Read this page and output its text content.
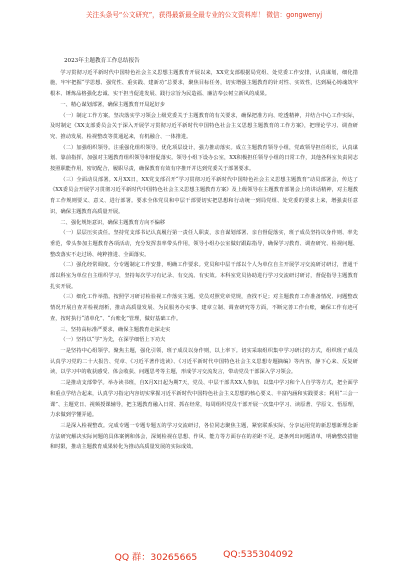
关注头条号“公文研究”，获得最新最全最专业的公文资料库！ 微信：gongwenyj
2023年主题教育工作总结报告

学习贯彻习近平新时代中国特色社会主义思想主题教育开展以来，XX党支部根据局党组、处党委工作安排，认真谋划，细化措施，牢牢把握“学思想、强党性、重实践、建新功”总要求，聚焦目标任务，切实增强主题教育的针对性、实效性，达到凝心铸魂筑牢根本、锤炼品格强化忠诚、实干担当促进发展、践行宗旨为民造福、廉洁奉公树立新风的成果。

一、精心谋划部署，确保主题教育开局起好步

（一）制定工作方案。坚决落实学习领会上级党委关于主题教育的有关要求，确保把准方向、吃透精神，并结合中心工作实际，及时制定《XX支部委员会关于深入开展学习贯彻习近平新时代中国特色社会主义思想主题教育的工作方案》，把理论学习、调查研究、推动发展、检视整改等贯通起来，有机融合、一体推进。

（二）加强组织领导。注重强化组织领导，优化项层设计，强力推动落实。成立主题教育领导小组，党政领导担任组长，认真谋划、靠前指挥，加强对主题教育组织领导和督促落实。领导小组下设办公室，XX积极担任领导小组的日常工作，其他各科室负责同志按照职能作用，密切配合，履职尽责，确保教育有效有序推开并达到党委关于部署要求。

（三）全面动员部署。X月XX日，XX党支部召开“学习贯彻习近平新时代中国特色社会主义思想主题教育”动员部署会，传达了《XX委员会开展学习贯彻习近平新时代中国特色社会主义思想主题教育方案》及上级领导在主题教育部署会上的讲话精神，对主题教育工作规则要义、意义、进行部署。要求全体党员和中层干部要切实把思想和行动统一到局党组、处党委的要求上来，增强责任意识，确保主题教育高质量开展。

二、强化规矩意识，确保主题教育方向不偏移

（一）层层压实责任。坚持党支部书记认真履行第一责任人职责，亲自谋划部署、亲自督促落实，班子成员坚持以身作则、率先垂范，带头参加主题教育各项活动，充分发挥表率带头作用，领导小组办公室做好跟踪指导，确保学习教育、调查研究、检视问题、整改落实不走过场、纯粹推进、全面落实。

（二）强化经常调度。分专题制定工作安排，明确工作要求。党员和中层干部以个人为单位自主开展学习交流研讨研讨，普通干部以科室为单位自主组织学习，坚持每次学习有记录、有交流、有实效。本科室党员协助进行学习交流研讨研讨，督促指导主题教育扎实开展。

（三）细化工作举措。按照学习研讨检验视工作落实主题。党员对照党章党规，查找不足；对主题教育工作准备情况、问题整改情况开展自查并检视剖析，推动高质量发展、为民服务办实事、建章立制、调查研究等方面，不断完善工作台账，确保工作有迹可查，按时执行“清单化”、“台账化”管理，做好基础工作。

三、坚持高标准严要求，确保主题教育走深走实

（一）坚持以“学”为先，在深学细悟上下功夫

一是坚持中心组领学。聚焦主题，强化引领，班子成员以身作则，以上率下。切实采取组织集中学习研讨的方式，组织班子成员认真学习党的二十大报告、党章、《习近平著作选读》、《习近平新时代中国特色社会主义思想专题摘编》等内容，静下心来、反复研读，以学习中的收获感受、体会收获、问题思考等主题，形成学习交流发言，带动党员干部深入学习领会。

二是推动支部带学。举办读书班，自X月X日起为期7天，党员、中层干部共XX人参加，以集中学习和个人自学等方式，把全面学和重点学结合起来，认真学习指定内容切实掌握习近平新时代中国特色社会主义思想的核心要义、丰富内涵和实践要求；利用“三会一课”、主题党日、视频授课辅导，把主题教育融入日常、抓在经常，每周组织党员干部开展一次集中学习、读原著、学原文、悟原理，力求做到学懂弄通。

三是深入检视整改。完成专题一专题专题五的学习交流研讨，各位同志聚焦主题，紧密联系实际，分享运用党的新思想新理念新方法研究解决实际问题的具体案例和体会，深刻检视在思想、作风、能力等方面存在的差距不足，逐条列出问题清单，明确整改措施和时限，推动主题教育成果转化为推动高质量发展的实际成效。

QQ 群：30265665	QQ:535304092
